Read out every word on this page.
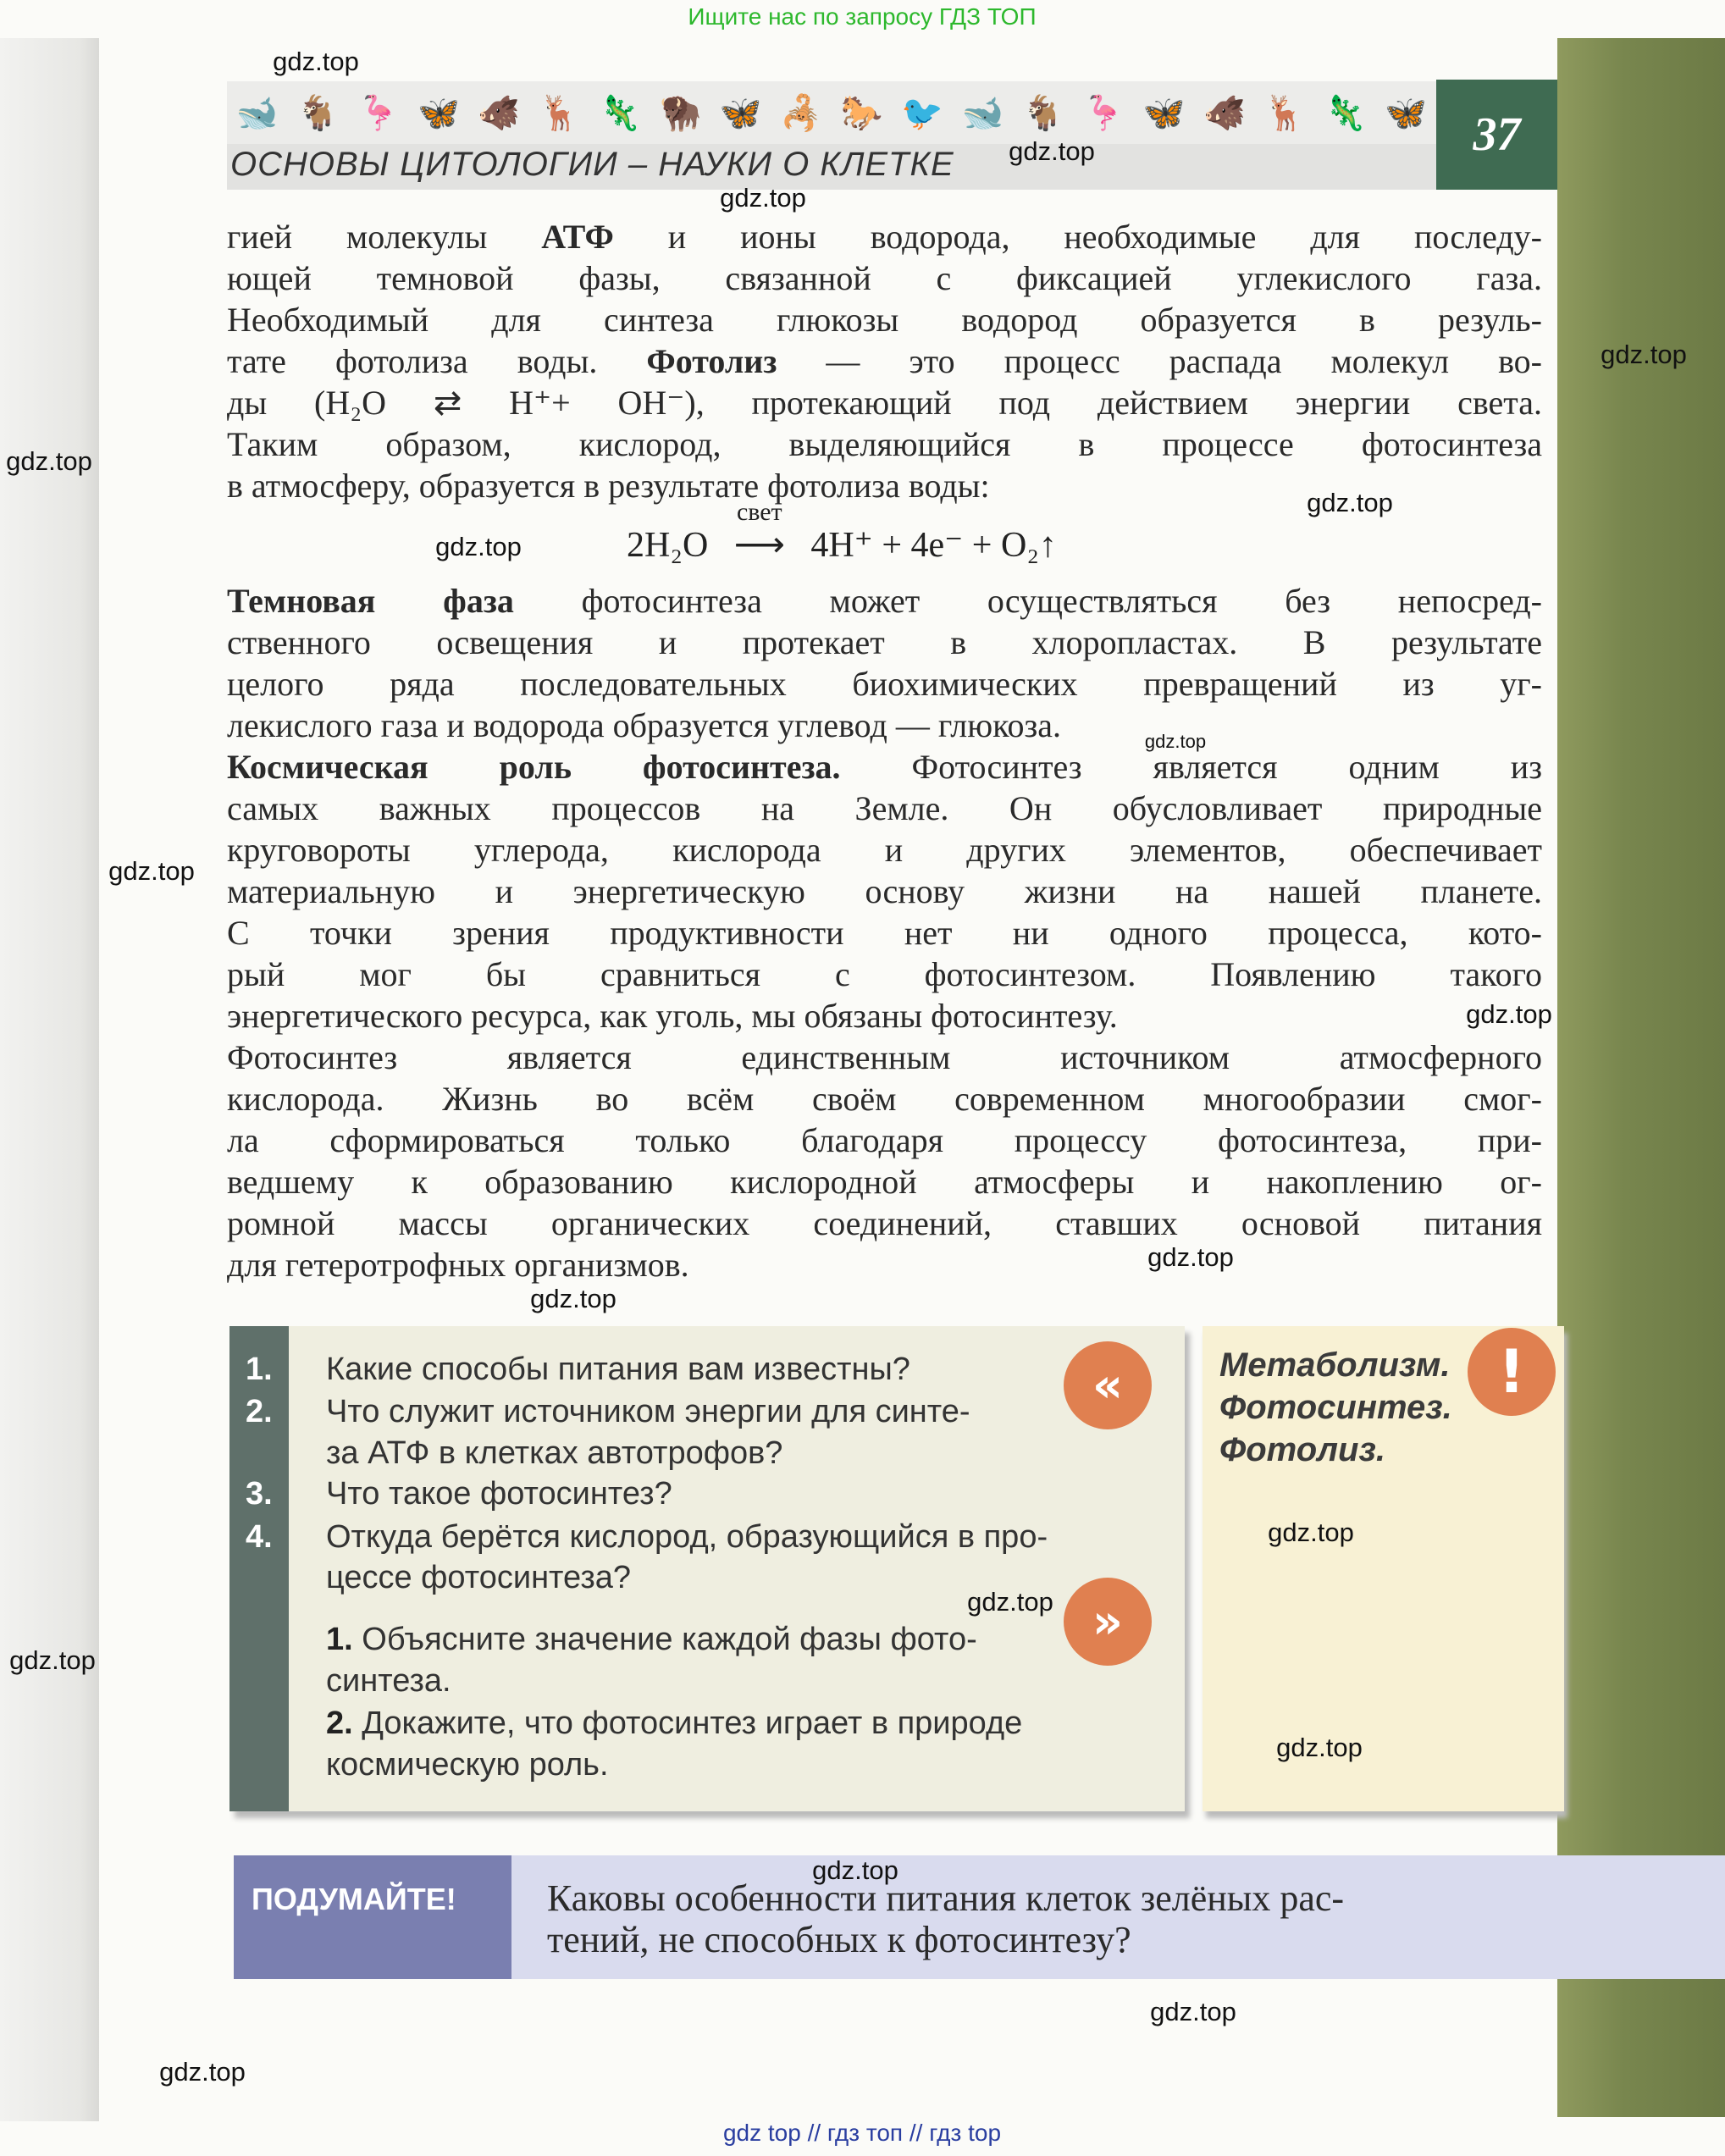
Ищите нас по запросу ГДЗ ТОП
🐋 🐐 🦩 🦋 🐗 🦌 🦎 🦬 🦋 🦂 🐎 🐦 🐋 🐐 🦩 🦋 🐗 🦌 🦎 🦋
ОСНОВЫ ЦИТОЛОГИИ – НАУКИ О КЛЕТКЕ
37
гией молекулы АТФ и ионы водорода, необходимые для последу-
ющей темновой фазы, связанной с фиксацией углекислого газа.
Необходимый для синтеза глюкозы водород образуется в резуль-
тате фотолиза воды. Фотолиз — это процесс распада молекул во-
ды (H₂O ⇄ H⁺+ OH⁻), протекающий под действием энергии света.
Таким образом, кислород, выделяющийся в процессе фотосинтеза
в атмосферу, образуется в результате фотолиза воды:
Темновая фаза фотосинтеза может осуществляться без непосред-
ственного освещения и протекает в хлоропластах. В результате
целого ряда последовательных биохимических превращений из уг-
лекислого газа и водорода образуется углевод — глюкоза.
Космическая роль фотосинтеза. Фотосинтез является одним из
самых важных процессов на Земле. Он обусловливает природные
круговороты углерода, кислорода и других элементов, обеспечивает
материальную и энергетическую основу жизни на нашей планете.
С точки зрения продуктивности нет ни одного процесса, кото-
рый мог бы сравниться с фотосинтезом. Появлению такого
энергетического ресурса, как уголь, мы обязаны фотосинтезу.
Фотосинтез является единственным источником атмосферного
кислорода. Жизнь во всём своём современном многообразии смог-
ла сформироваться только благодаря процессу фотосинтеза, при-
ведшему к образованию кислородной атмосферы и накоплению ог-
ромной массы органических соединений, ставших основой питания
для гетеротрофных организмов.
2H₂O ⟶
свет
4H⁺ + 4e⁻ + O₂↑
1. Какие способы питания вам известны?
2. Что служит источником энергии для синте-
за АТФ в клетках автотрофов?
3. Что такое фотосинтез?
4. Откуда берётся кислород, образующийся в про-
цессе фотосинтеза?
1. Объясните значение каждой фазы фото-
синтеза.
2. Докажите, что фотосинтез играет в природе
космическую роль.
«
»
Метаболизм.
Фотосинтез.
Фотолиз.
!
ПОДУМАЙТЕ! Каковы особенности питания клеток зелёных рас-
тений, не способных к фотосинтезу?
gdz.top
gdz.top
gdz.top
gdz.top
gdz.top
gdz.top
gdz.top
gdz.top
gdz.top
gdz.top
gdz.top
gdz.top
gdz.top
gdz.top
gdz.top
gdz.top
gdz.top
gdz.top
gdz.top
gdz top // гдз топ // гдз top
